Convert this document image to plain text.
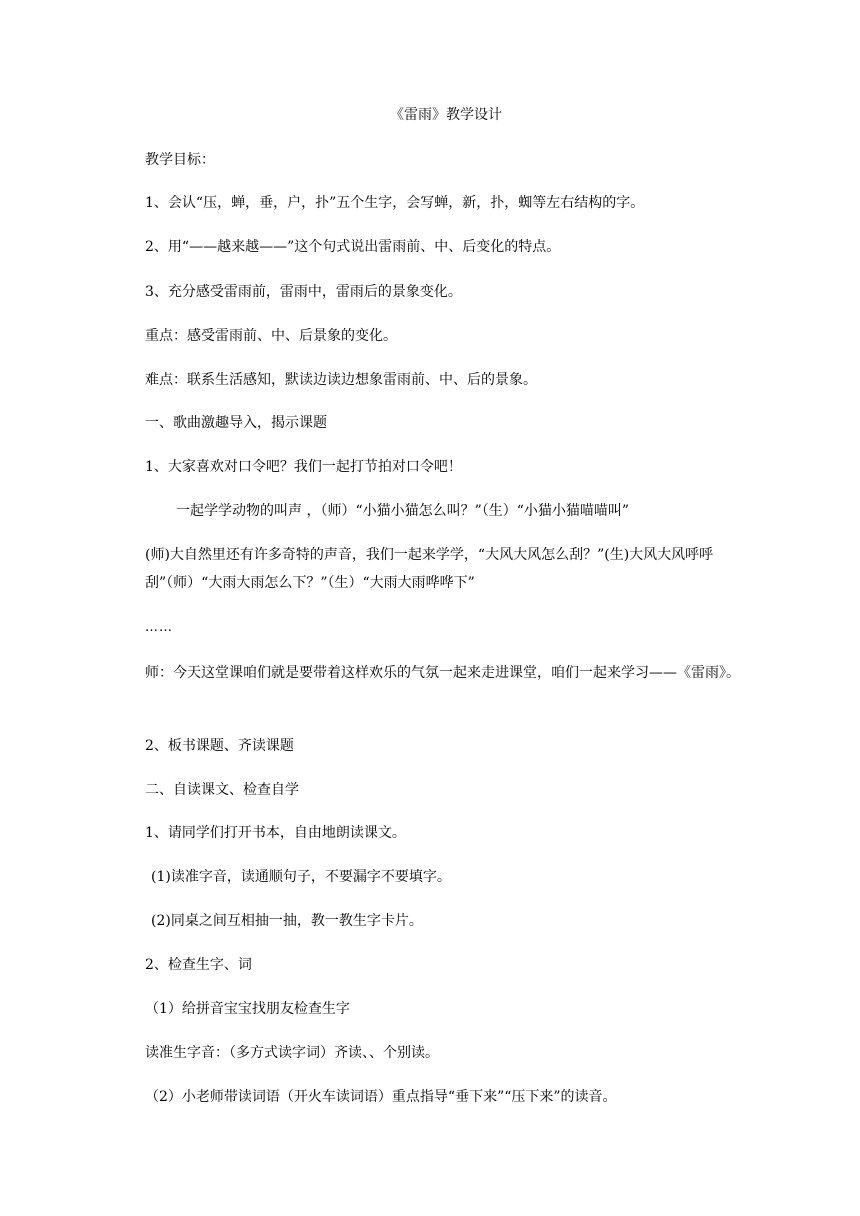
《雷雨》教学设计
教学目标：
1、会认“压，蝉，垂，户，扑”五个生字，会写蝉，新，扑，蜘等左右结构的字。
2、用“——越来越——”这个句式说出雷雨前、中、后变化的特点。
3、充分感受雷雨前，雷雨中，雷雨后的景象变化。
重点：感受雷雨前、中、后景象的变化。
难点：联系生活感知，默读边读边想象雷雨前、中、后的景象。
一、歌曲激趣导入，揭示课题
1、大家喜欢对口令吧？我们一起打节拍对口令吧！
一起学学动物的叫声 ，（师）“小猫小猫怎么叫？”（生）“小猫小猫喵喵叫”
(师)大自然里还有许多奇特的声音，我们一起来学学，“大风大风怎么刮？”(生)大风大风呼呼刮”（师）“大雨大雨怎么下？”（生）“大雨大雨哗哗下”
……
师：今天这堂课咱们就是要带着这样欢乐的气氛一起来走进课堂，咱们一起来学习——《雷雨》。
2、板书课题、齐读课题
二、自读课文、检查自学
1、请同学们打开书本，自由地朗读课文。
(1)读准字音，读通顺句子，不要漏字不要填字。
(2)同桌之间互相抽一抽，教一教生字卡片。
2、检查生字、词
（1）给拼音宝宝找朋友检查生字
读准生字音：（多方式读字词）齐读、、个别读。
（2）小老师带读词语（开火车读词语）重点指导“垂下来”“压下来”的读音。
